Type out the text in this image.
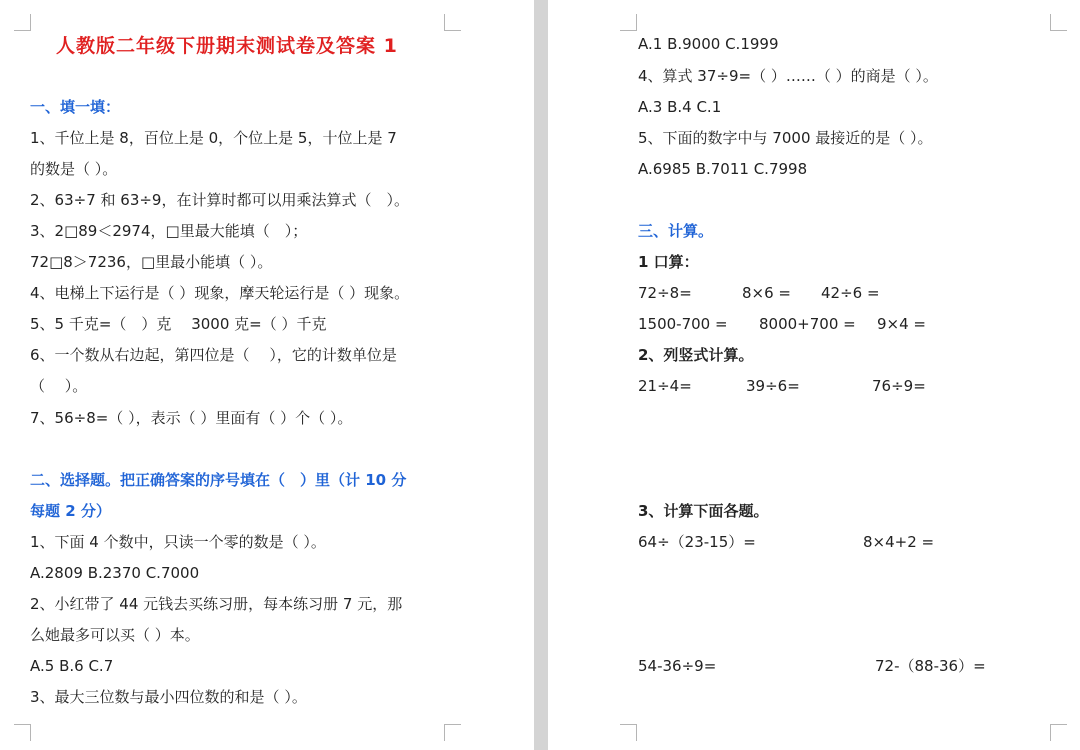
人教版二年级下册期末测试卷及答案 1
一、填一填：
1、千位上是 8，百位上是 0，个位上是 5，十位上是 7
的数是（ ）。
2、63÷7 和 63÷9，在计算时都可以用乘法算式（　）。
3、2□89＜2974，□里最大能填（　）；
72□8＞7236，□里最小能填（ ）。
4、电梯上下运行是（ ）现象，摩天轮运行是（ ）现象。
5、5 千克=（　）克　 3000 克=（ ）千克
6、一个数从右边起，第四位是（　 ），它的计数单位是
（　 ）。
7、56÷8=（ ），表示（ ）里面有（ ）个（ ）。
二、选择题。把正确答案的序号填在（　）里（计 10 分
每题 2 分）
1、下面 4 个数中，只读一个零的数是（ ）。
A.2809 B.2370 C.7000
2、小红带了 44 元钱去买练习册，每本练习册 7 元，那
么她最多可以买（ ）本。
A.5 B.6 C.7
3、最大三位数与最小四位数的和是（ ）。
A.1 B.9000 C.1999
4、算式 37÷9=（ ）……（ ）的商是（ ）。
A.3 B.4 C.1
5、下面的数字中与 7000 最接近的是（ ）。
A.6985 B.7011 C.7998
三、计算。
1 口算：
72÷8=	8×6 = 42÷6 =
1500-700 = 8000+700 = 9×4 =
2、列竖式计算。
21÷4=	39÷6=	76÷9=
3、计算下面各题。
64÷（23-15）=	8×4+2 =
54-36÷9=	72-（88-36）=
